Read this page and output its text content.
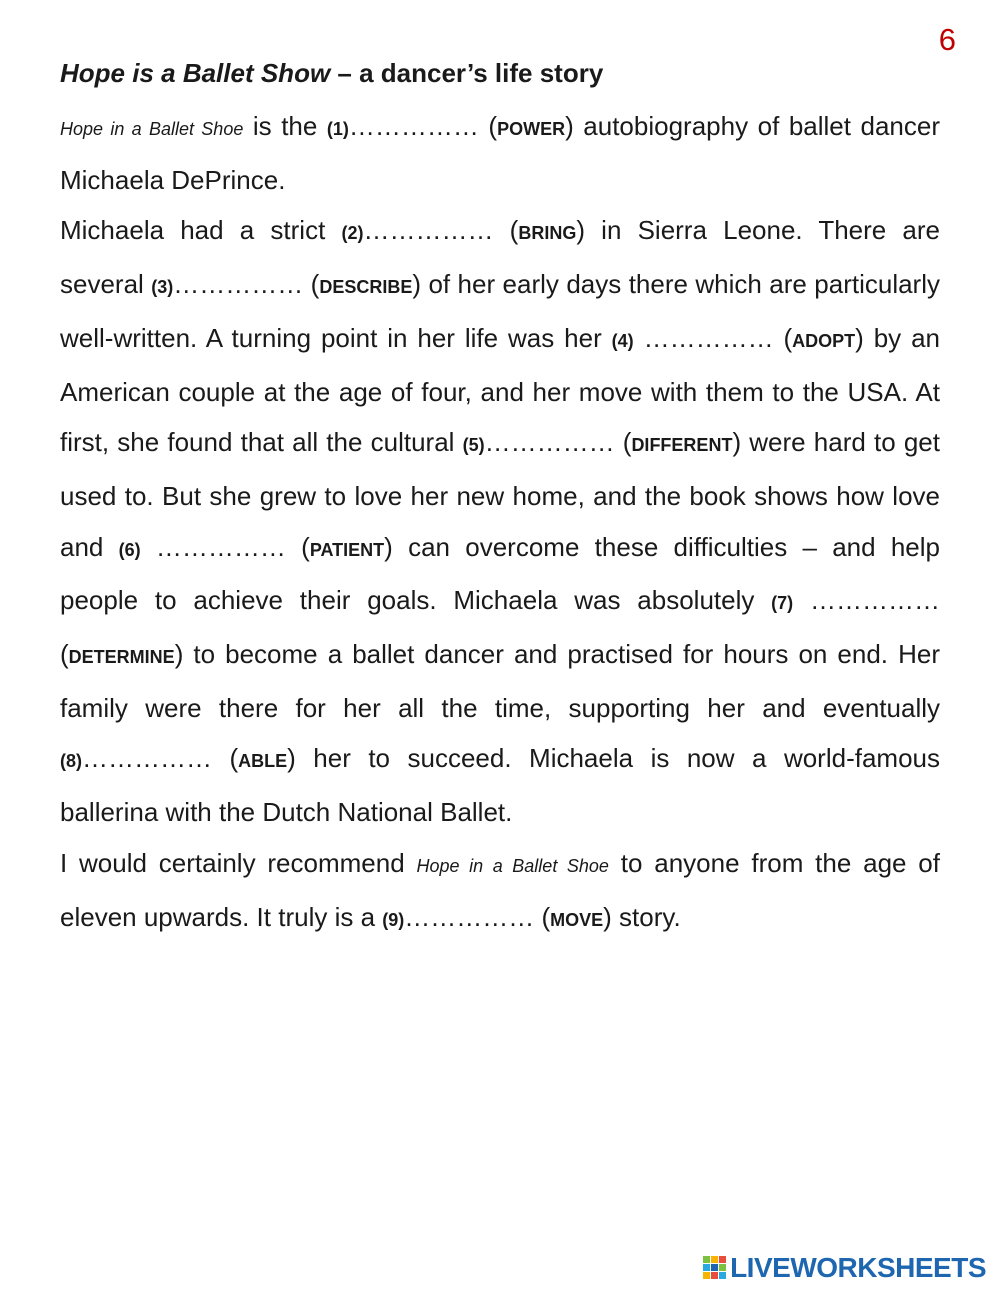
6
Hope is a Ballet Show – a dancer’s life story

Hope in a Ballet Shoe is the (1)…………… (POWER) autobiography of ballet dancer Michaela DePrince.

Michaela had a strict (2)…………… (BRING) in Sierra Leone. There are several (3)…………… (DESCRIBE) of her early days there which are particularly well-written. A turning point in her life was her (4) …………… (ADOPT) by an American couple at the age of four, and her move with them to the USA. At first, she found that all the cultural (5)…………… (DIFFERENT) were hard to get used to. But she grew to love her new home, and the book shows how love and (6) …………… (PATIENT) can overcome these difficulties – and help people to achieve their goals. Michaela was absolutely (7) …………… (DETERMINE) to become a ballet dancer and practised for hours on end. Her family were there for her all the time, supporting her and eventually (8)…………… (ABLE) her to succeed. Michaela is now a world-famous ballerina with the Dutch National Ballet.

I would certainly recommend Hope in a Ballet Shoe to anyone from the age of eleven upwards. It truly is a (9)…………… (MOVE) story.

LIVEWORKSHEETS
